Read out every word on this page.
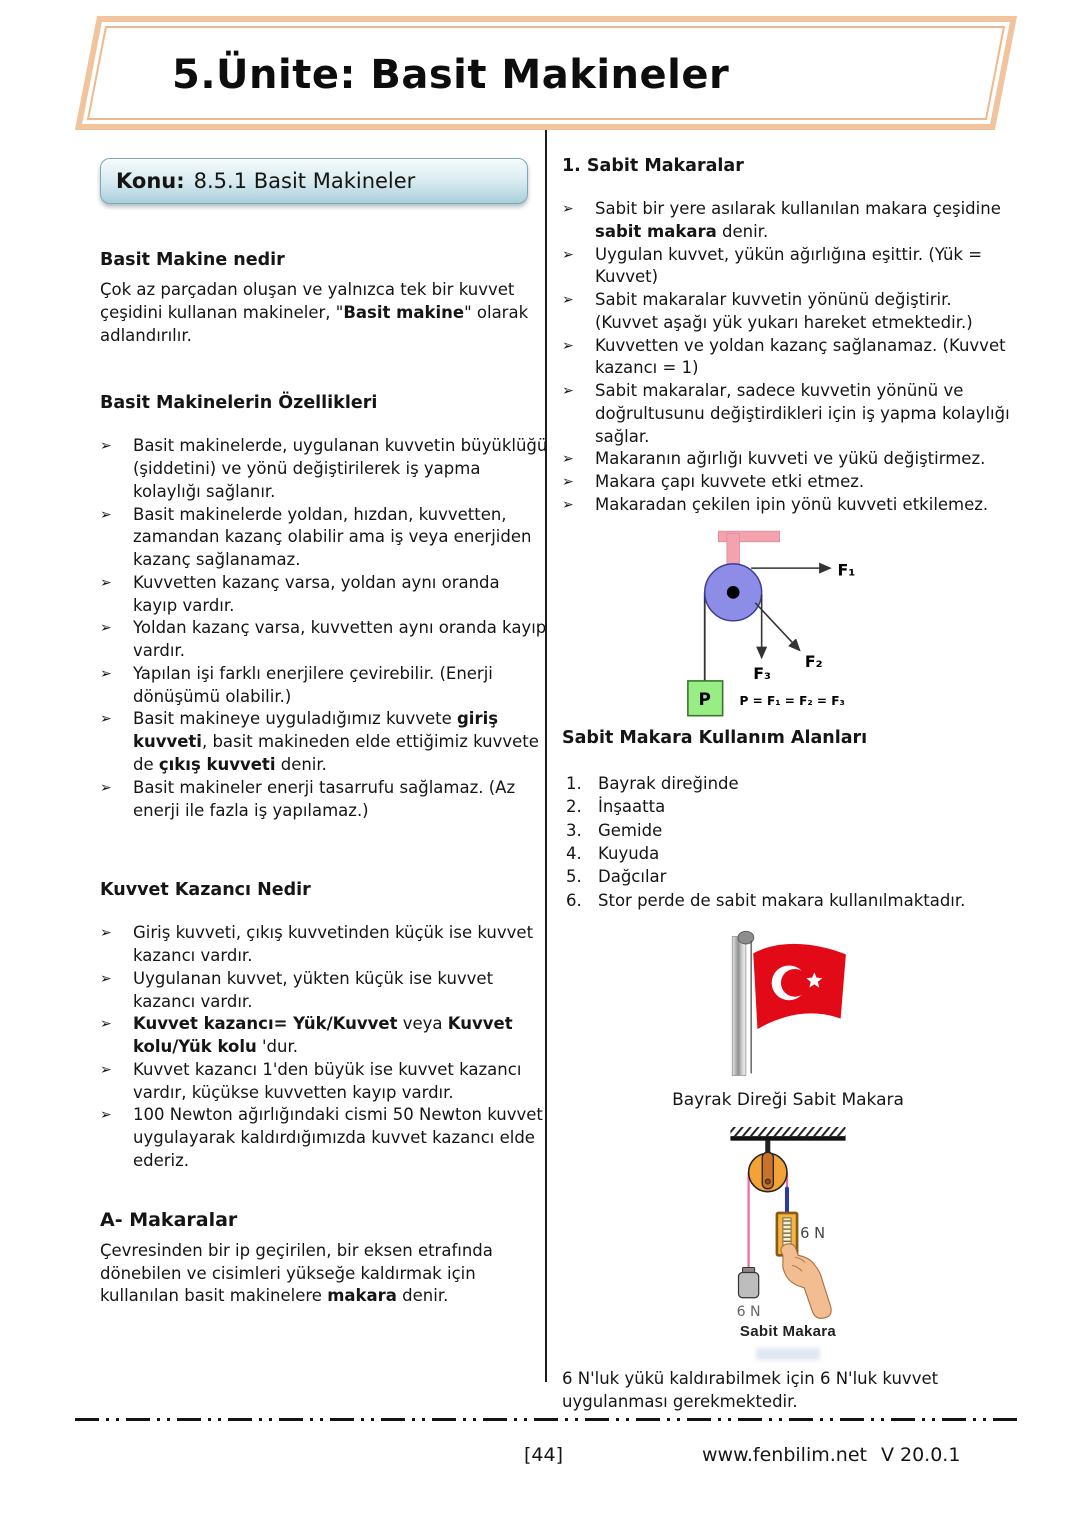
5.Ünite: Basit Makineler
Konu: 8.5.1 Basit Makineler
Basit Makine nedir

Çok az parçadan oluşan ve yalnızca tek bir kuvvet çeşidini kullanan makineler, "Basit makine" olarak adlandırılır.

Basit Makinelerin Özellikleri
➢	Basit makinelerde, uygulanan kuvvetin büyüklüğü (şiddetini) ve yönü değiştirilerek iş yapma kolaylığı sağlanır.
➢	Basit makinelerde yoldan, hızdan, kuvvetten, zamandan kazanç olabilir ama iş veya enerjiden kazanç sağlanamaz.
➢	Kuvvetten kazanç varsa, yoldan aynı oranda kayıp vardır.
➢	Yoldan kazanç varsa, kuvvetten aynı oranda kayıp vardır.
➢	Yapılan işi farklı enerjilere çevirebilir. (Enerji dönüşümü olabilir.)
➢	Basit makineye uyguladığımız kuvvete giriş kuvveti, basit makineden elde ettiğimiz kuvvete de çıkış kuvveti denir.
➢	Basit makineler enerji tasarrufu sağlamaz. (Az enerji ile fazla iş yapılamaz.)
Kuvvet Kazancı Nedir
➢	Giriş kuvveti, çıkış kuvvetinden küçük ise kuvvet kazancı vardır.
➢	Uygulanan kuvvet, yükten küçük ise kuvvet kazancı vardır.
➢	Kuvvet kazancı= Yük/Kuvvet veya Kuvvet kolu/Yük kolu 'dur.
➢	Kuvvet kazancı 1'den büyük ise kuvvet kazancı vardır, küçükse kuvvetten kayıp vardır.
➢	100 Newton ağırlığındaki cismi 50 Newton kuvvet uygulayarak kaldırdığımızda kuvvet kazancı elde ederiz.
A- Makaralar

Çevresinden bir ip geçirilen, bir eksen etrafında dönebilen ve cisimleri yükseğe kaldırmak için kullanılan basit makinelere makara denir.

1. Sabit Makaralar
➢	Sabit bir yere asılarak kullanılan makara çeşidine sabit makara denir.
➢	Uygulan kuvvet, yükün ağırlığına eşittir. (Yük = Kuvvet)
➢	Sabit makaralar kuvvetin yönünü değiştirir.(Kuvvet aşağı yük yukarı hareket etmektedir.)
➢	Kuvvetten ve yoldan kazanç sağlanamaz. (Kuvvet kazancı = 1)
➢	Sabit makaralar, sadece kuvvetin yönünü ve doğrultusunu değiştirdikleri için iş yapma kolaylığı sağlar.
➢	Makaranın ağırlığı kuvveti ve yükü değiştirmez.
➢	Makara çapı kuvvete etki etmez.
➢	Makaradan çekilen ipin yönü kuvveti etkilemez.
F₁
F₂
F₃
P P = F₁ = F₂ = F₃
Sabit Makara Kullanım Alanları
1. Bayrak direğinde
2. İnşaatta
3. Gemide
4. Kuyuda
5. Dağcılar
6. Stor perde de sabit makara kullanılmaktadır.
Bayrak Direği Sabit Makara
6 N
6 N
Sabit Makara

6 N'luk yükü kaldırabilmek için 6 N'luk kuvvet uygulanması gerekmektedir.

[44]	www.fenbilim.net V 20.0.1
